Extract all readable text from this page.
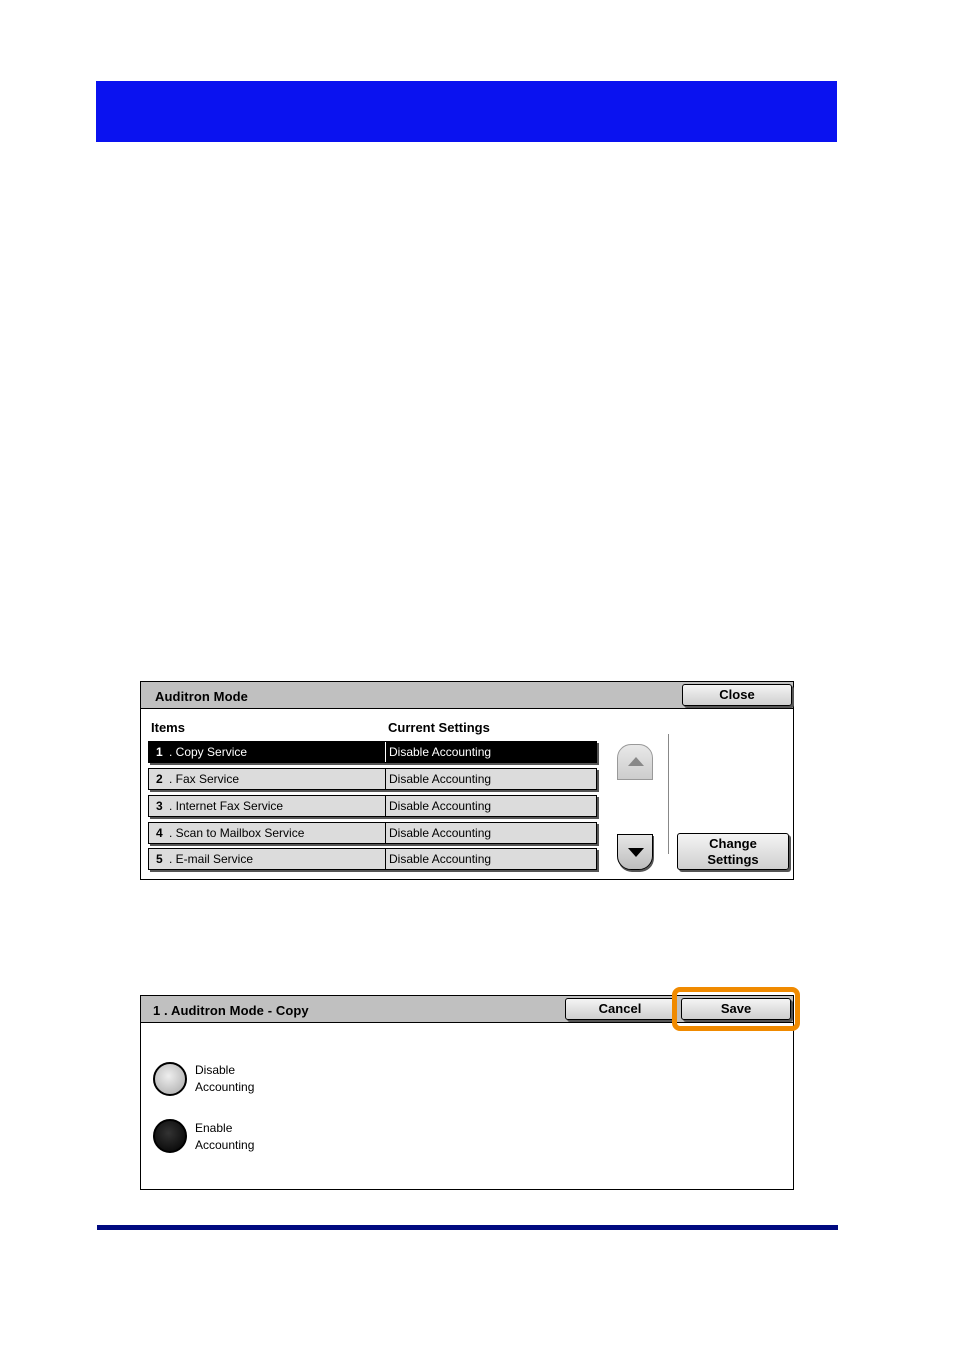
Auditron Mode	Close
Items	Current Settings
1 . Copy Service	Disable Accounting
2 . Fax Service	Disable Accounting
3 . Internet Fax Service	Disable Accounting
4 . Scan to Mailbox Service	Disable Accounting
5 . E-mail Service	Disable Accounting
Change
Settings
1 . Auditron Mode - Copy	Cancel	Save
Disable
Accounting
Enable
Accounting
